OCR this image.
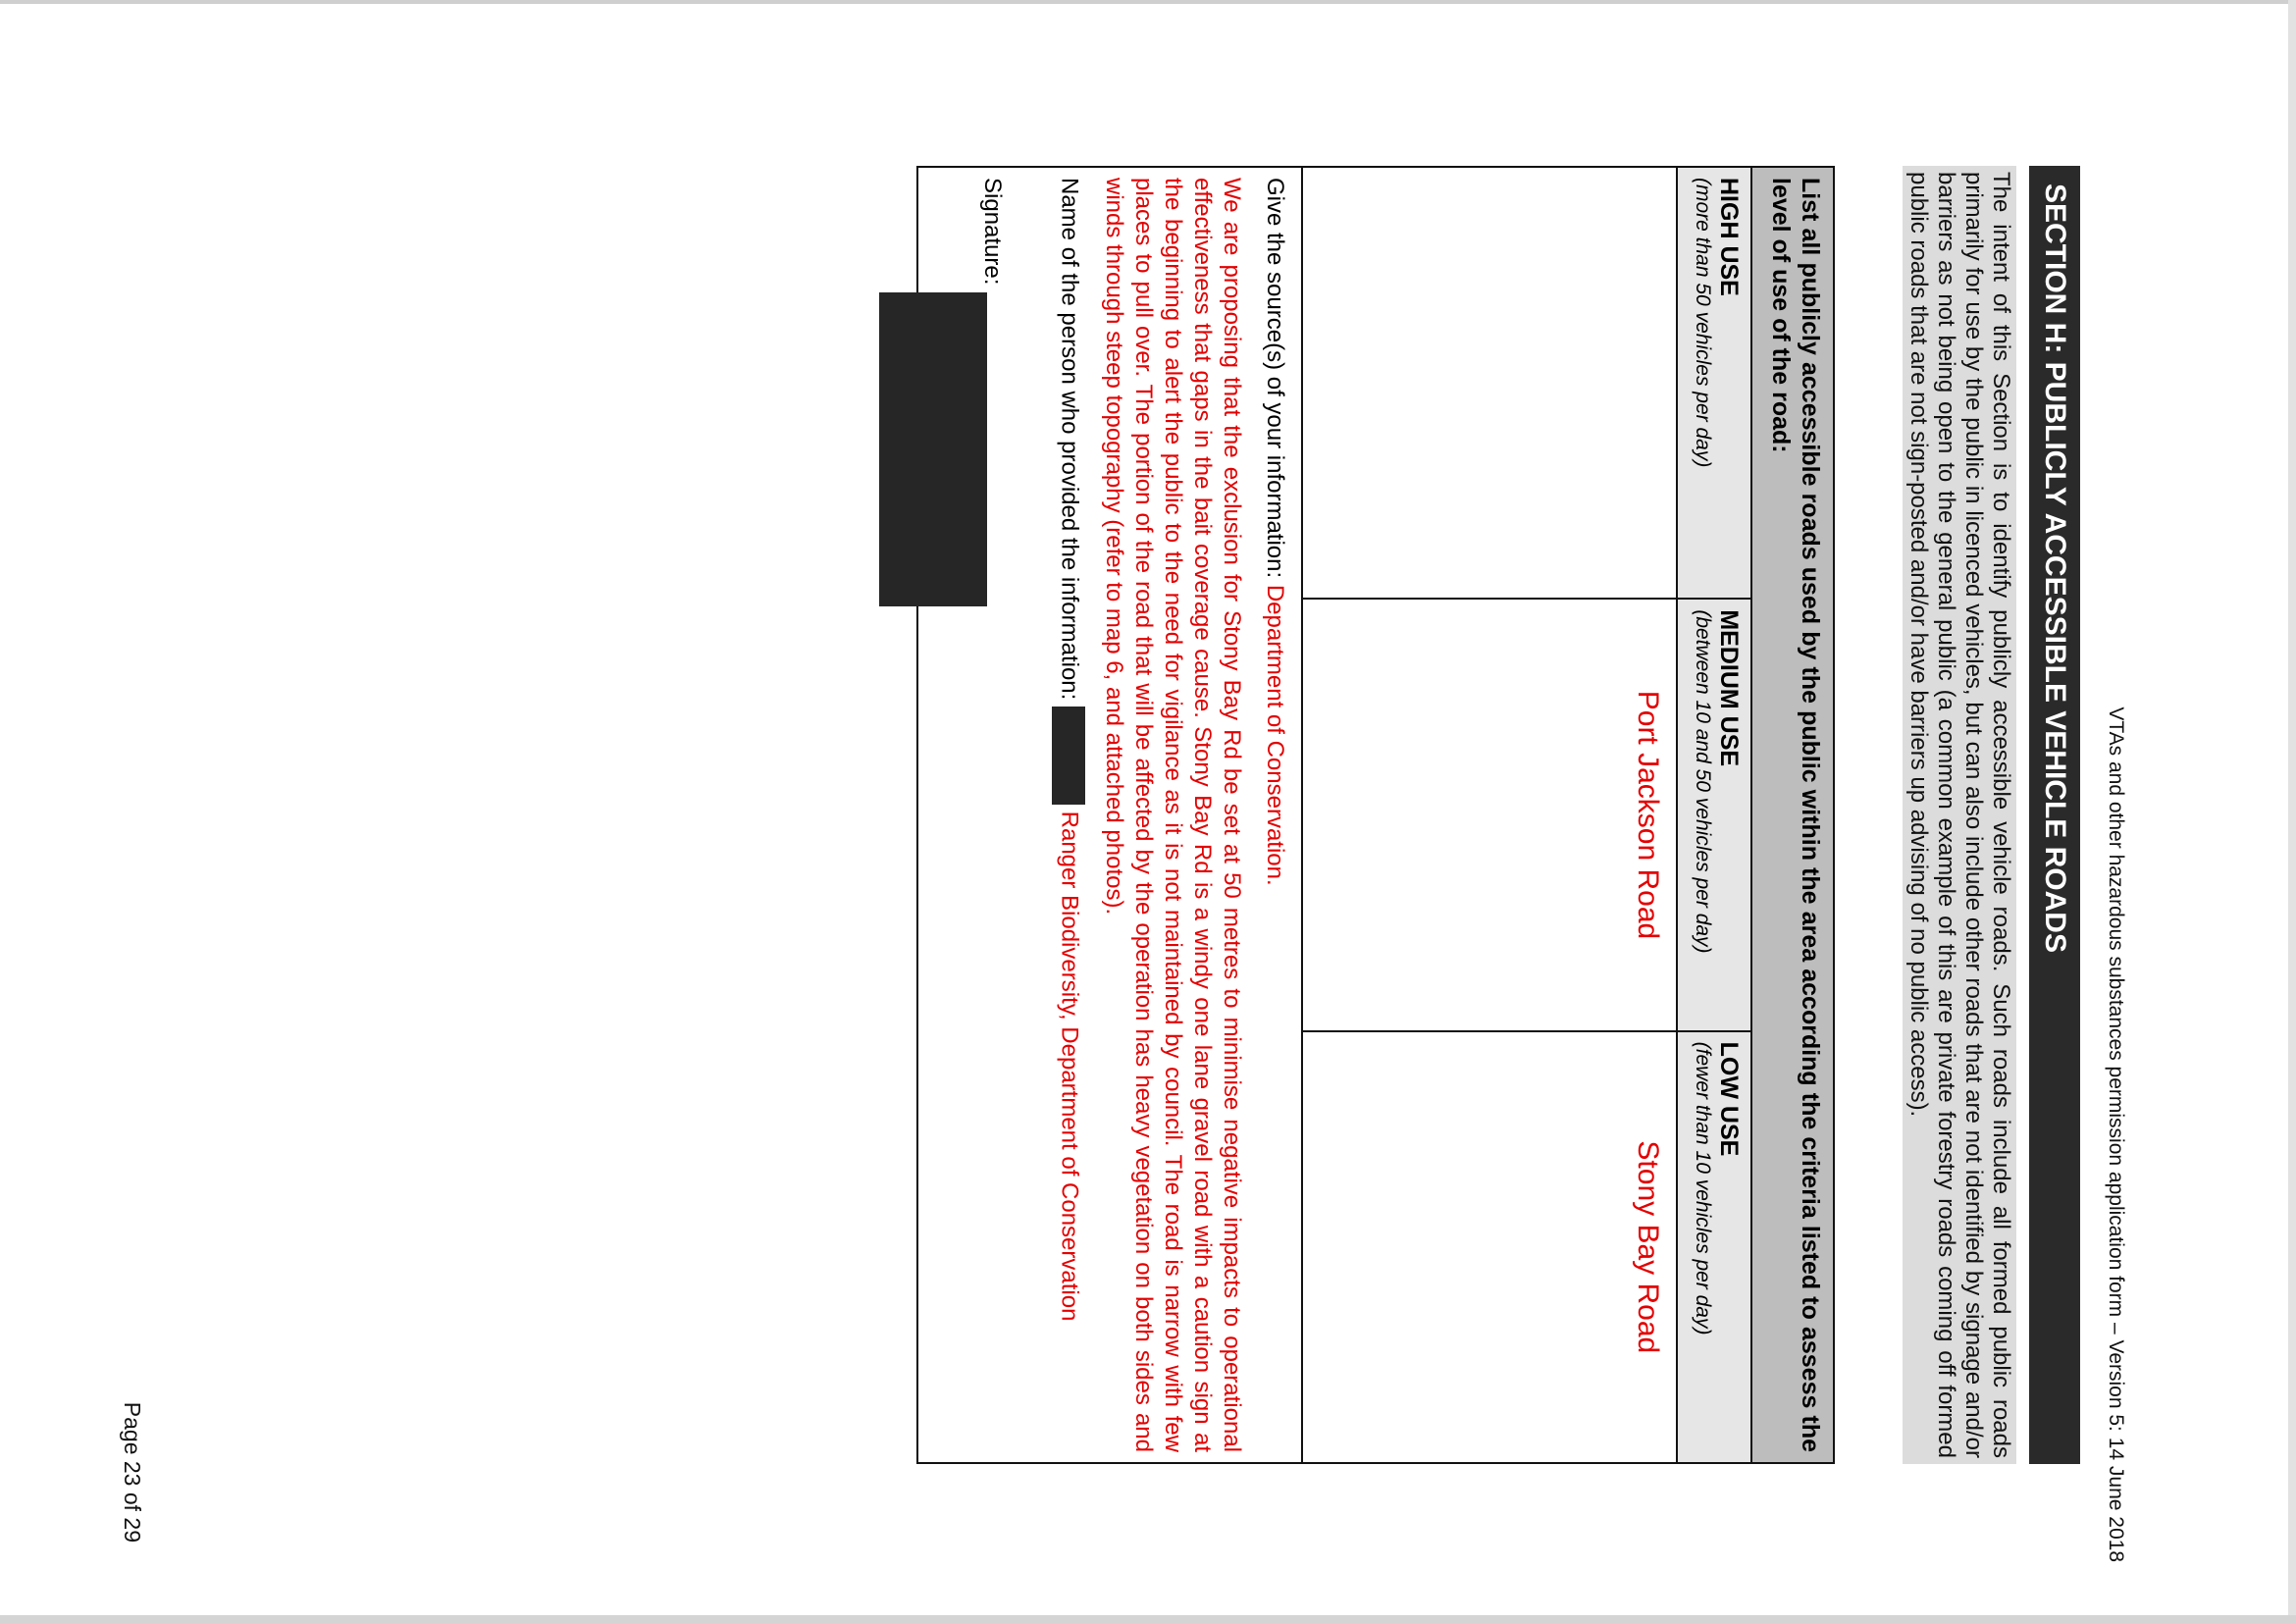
VTAs and other hazardous substances permission application form – Version 5: 14 June 2018
SECTION H: PUBLICLY ACCESSIBLE VEHICLE ROADS
The intent of this Section is to identify publicly accessible vehicle roads. Such roads include all formed public roads primarily for use by the public in licenced vehicles, but can also include other roads that are not identified by signage and/or barriers as not being open to the general public (a common example of this are private forestry roads coming off formed public roads that are not sign-posted and/or have barriers up advising of no public access).
List all publicly accessible roads used by the public within the area according the criteria listed to assess the level of use of the road:
HIGH USE
(more than 50 vehicles per day)
MEDIUM USE
(between 10 and 50 vehicles per day)
Port Jackson Road
LOW USE
(fewer than 10 vehicles per day)
Stony Bay Road
Give the source(s) of your information: Department of Conservation.
We are proposing that the exclusion for Stony Bay Rd be set at 50 metres to minimise negative impacts to operational effectiveness that gaps in the bait coverage cause. Stony Bay Rd is a windy one lane gravel road with a caution sign at the beginning to alert the public to the need for vigilance as it is not maintained by council. The road is narrow with few places to pull over. The portion of the road that will be affected by the operation has heavy vegetation on both sides and winds through steep topography (refer to map 6, and attached photos).
Name of the person who provided the information:  Ranger Biodiversity, Department of Conservation
Signature:
Page 23 of 29
